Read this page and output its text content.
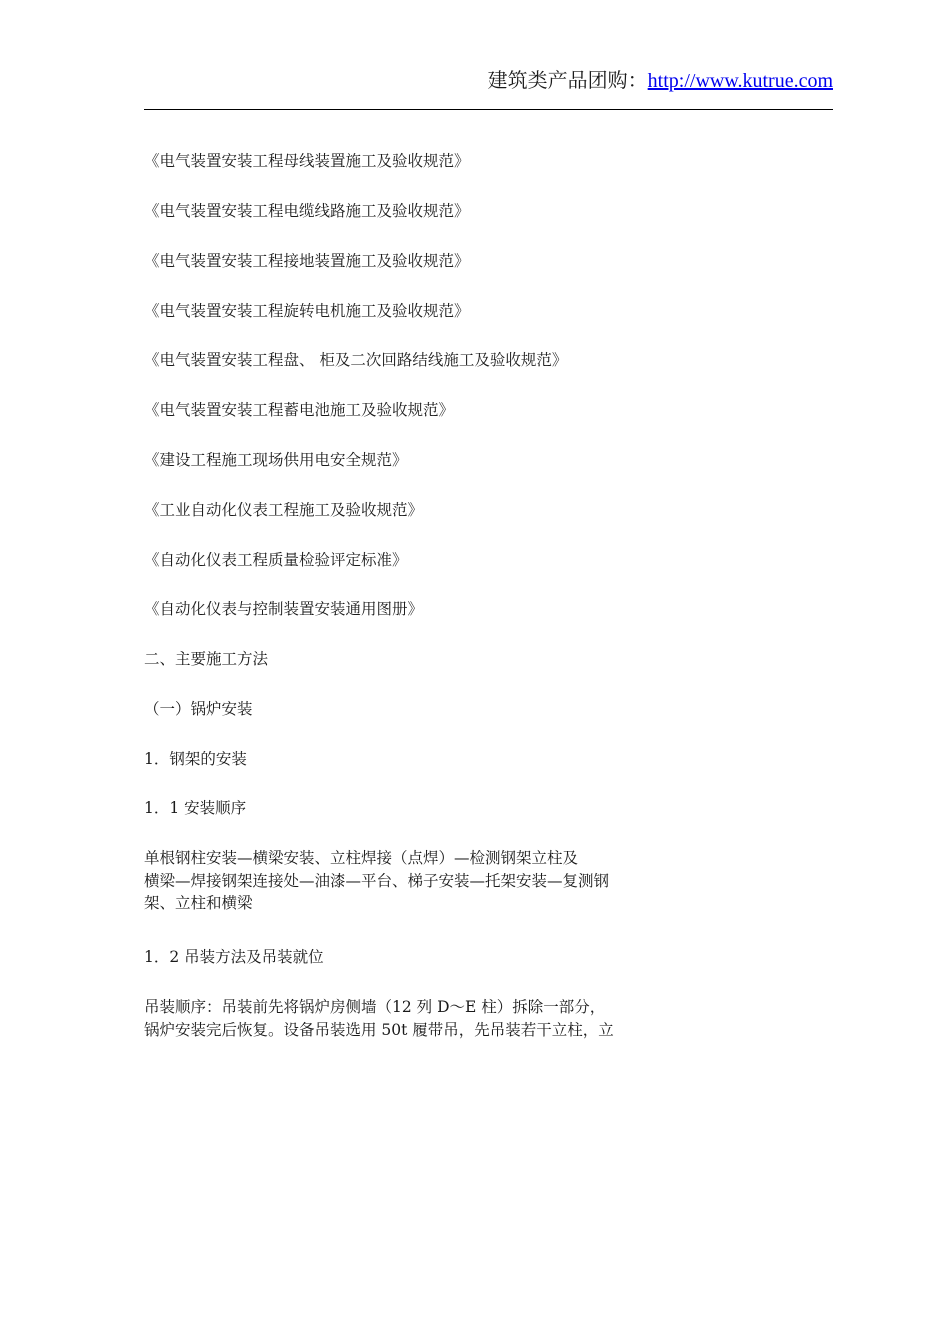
建筑类产品团购：http://www.kutrue.com
《电气装置安装工程母线装置施工及验收规范》
《电气装置安装工程电缆线路施工及验收规范》
《电气装置安装工程接地装置施工及验收规范》
《电气装置安装工程旋转电机施工及验收规范》
《电气装置安装工程盘、 柜及二次回路结线施工及验收规范》
《电气装置安装工程蓄电池施工及验收规范》
《建设工程施工现场供用电安全规范》
《工业自动化仪表工程施工及验收规范》
《自动化仪表工程质量检验评定标准》
《自动化仪表与控制装置安装通用图册》
二、主要施工方法
（一）锅炉安装
1．钢架的安装
1．1 安装顺序
单根钢柱安装—横梁安装、立柱焊接（点焊）—检测钢架立柱及
横梁—焊接钢架连接处—油漆—平台、梯子安装—托架安装—复测钢
架、立柱和横梁
1．2 吊装方法及吊装就位
吊装顺序：吊装前先将锅炉房侧墙（12 列 D～E 柱）拆除一部分，
锅炉安装完后恢复。设备吊装选用 50t 履带吊，先吊装若干立柱，立
